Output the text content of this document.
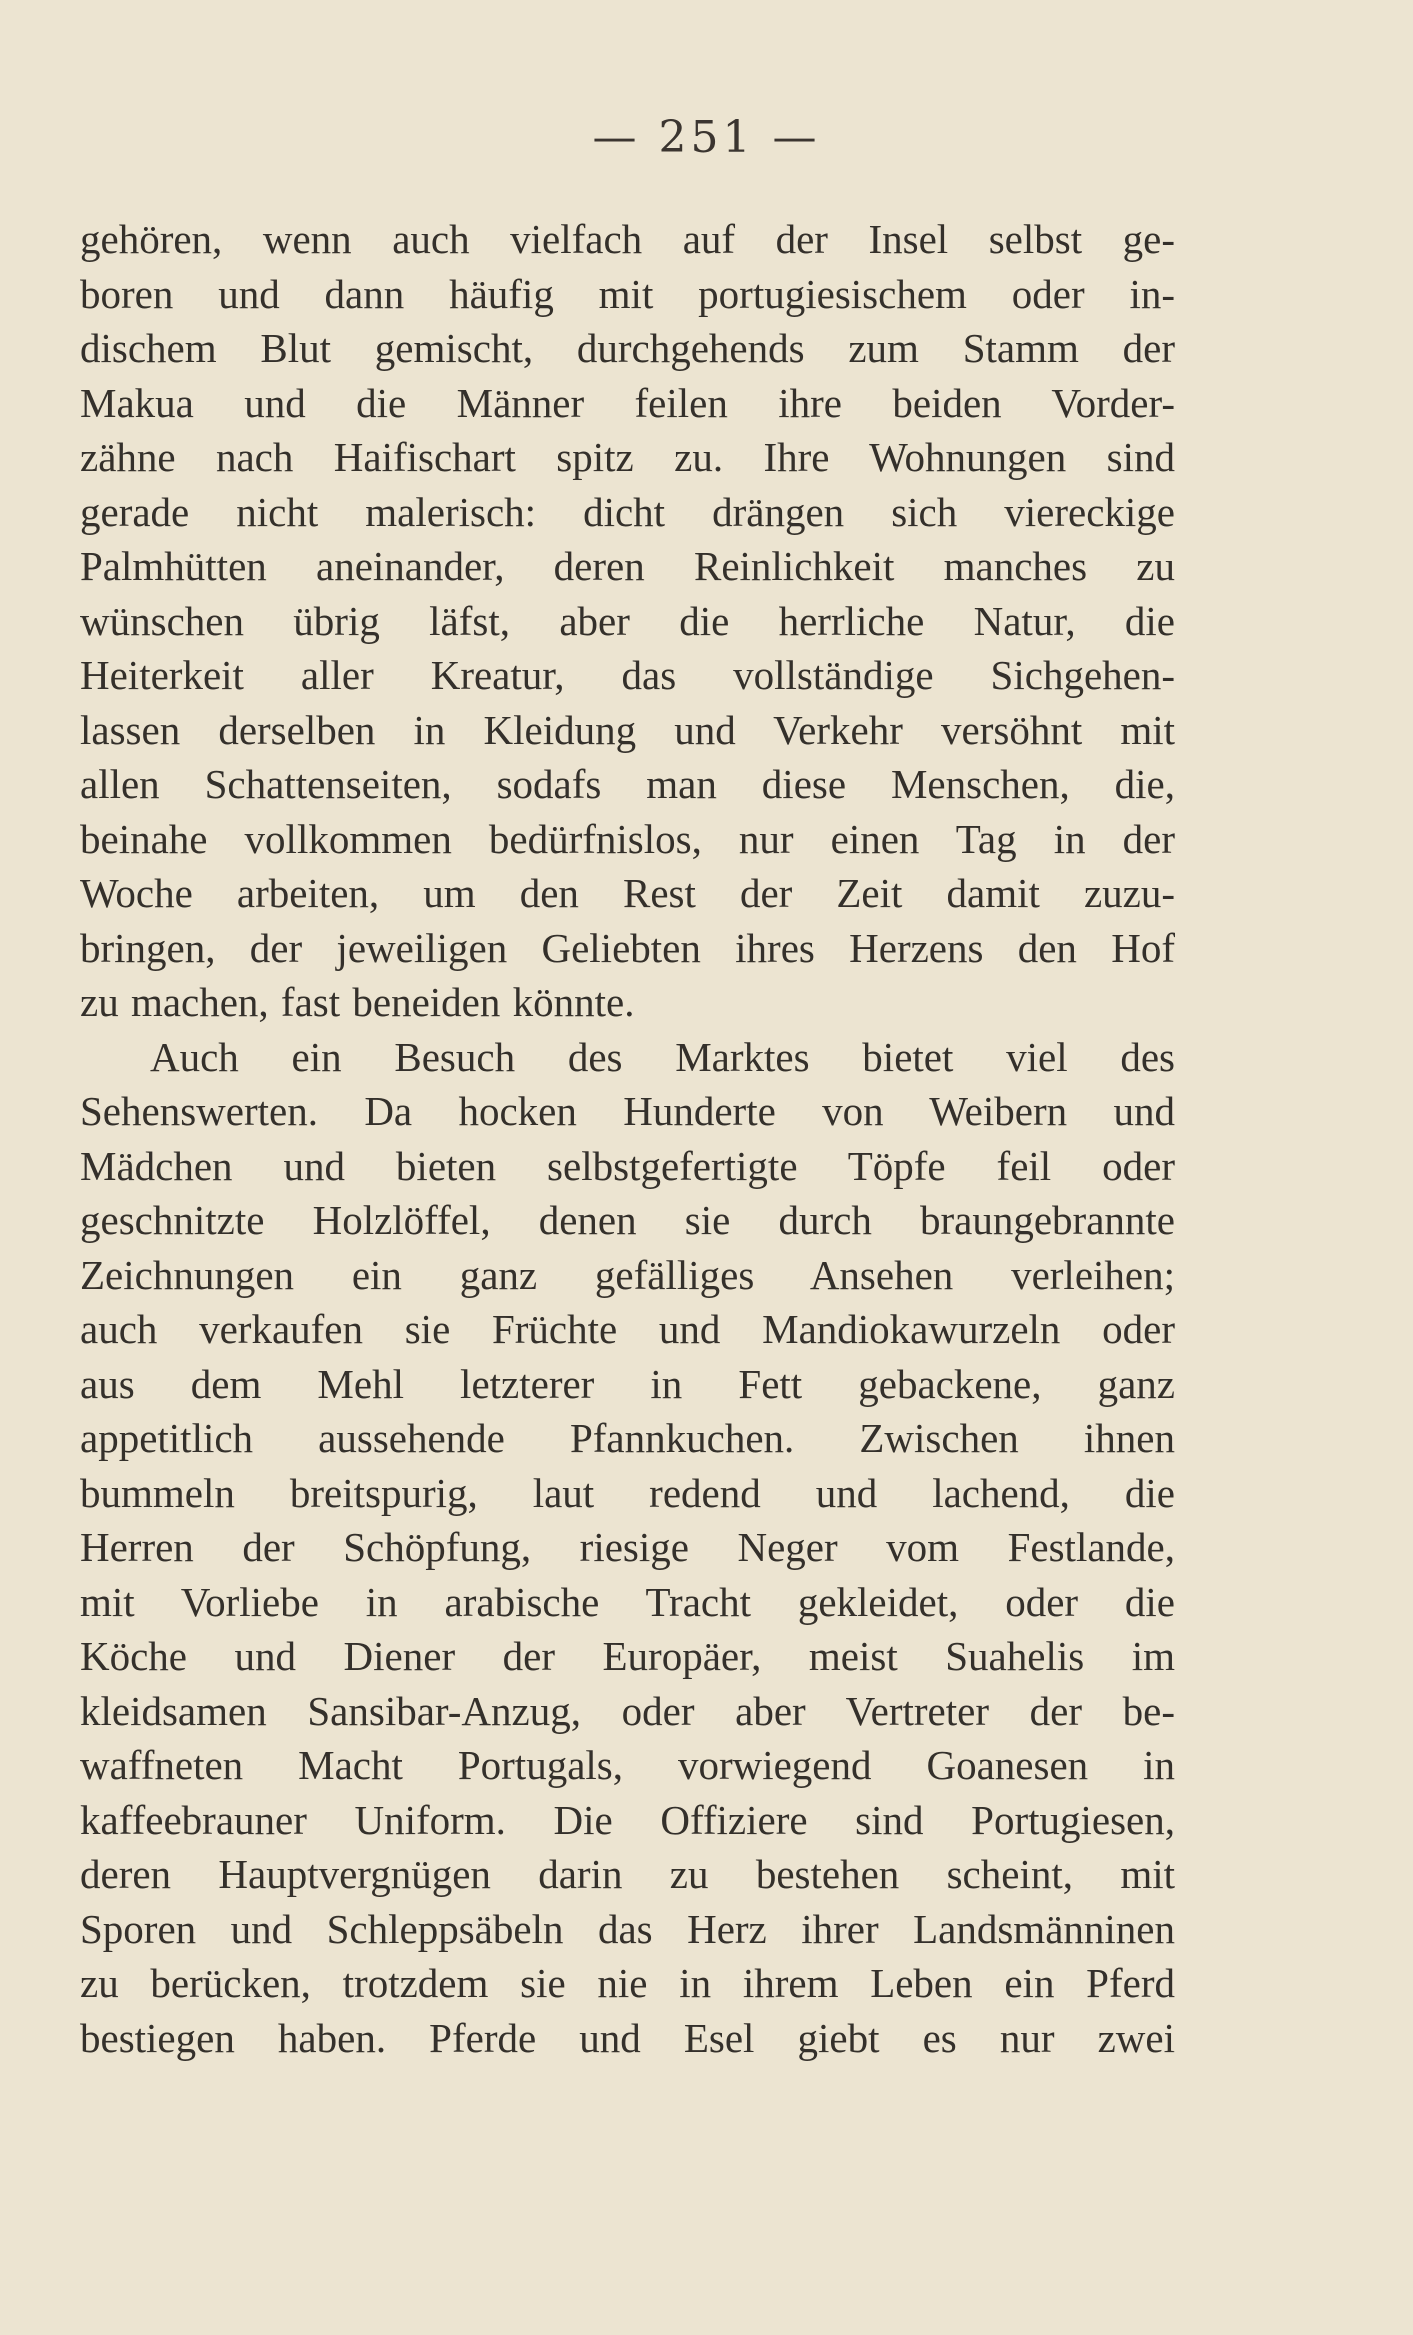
— 251 —
gehören, wenn auch vielfach auf der Insel selbst ge-
boren und dann häufig mit portugiesischem oder in-
dischem Blut gemischt, durchgehends zum Stamm der
Makua und die Männer feilen ihre beiden Vorder-
zähne nach Haifischart spitz zu. Ihre Wohnungen sind
gerade nicht malerisch: dicht drängen sich viereckige
Palmhütten aneinander, deren Reinlichkeit manches zu
wünschen übrig läfst, aber die herrliche Natur, die
Heiterkeit aller Kreatur, das vollständige Sichgehen-
lassen derselben in Kleidung und Verkehr versöhnt mit
allen Schattenseiten, sodafs man diese Menschen, die,
beinahe vollkommen bedürfnislos, nur einen Tag in der
Woche arbeiten, um den Rest der Zeit damit zuzu-
bringen, der jeweiligen Geliebten ihres Herzens den Hof
zu machen, fast beneiden könnte.
Auch ein Besuch des Marktes bietet viel des
Sehenswerten. Da hocken Hunderte von Weibern und
Mädchen und bieten selbstgefertigte Töpfe feil oder
geschnitzte Holzlöffel, denen sie durch braungebrannte
Zeichnungen ein ganz gefälliges Ansehen verleihen;
auch verkaufen sie Früchte und Mandiokawurzeln oder
aus dem Mehl letzterer in Fett gebackene, ganz
appetitlich aussehende Pfannkuchen. Zwischen ihnen
bummeln breitspurig, laut redend und lachend, die
Herren der Schöpfung, riesige Neger vom Festlande,
mit Vorliebe in arabische Tracht gekleidet, oder die
Köche und Diener der Europäer, meist Suahelis im
kleidsamen Sansibar-Anzug, oder aber Vertreter der be-
waffneten Macht Portugals, vorwiegend Goanesen in
kaffeebrauner Uniform. Die Offiziere sind Portugiesen,
deren Hauptvergnügen darin zu bestehen scheint, mit
Sporen und Schleppsäbeln das Herz ihrer Landsmänninen
zu berücken, trotzdem sie nie in ihrem Leben ein Pferd
bestiegen haben. Pferde und Esel giebt es nur zwei
